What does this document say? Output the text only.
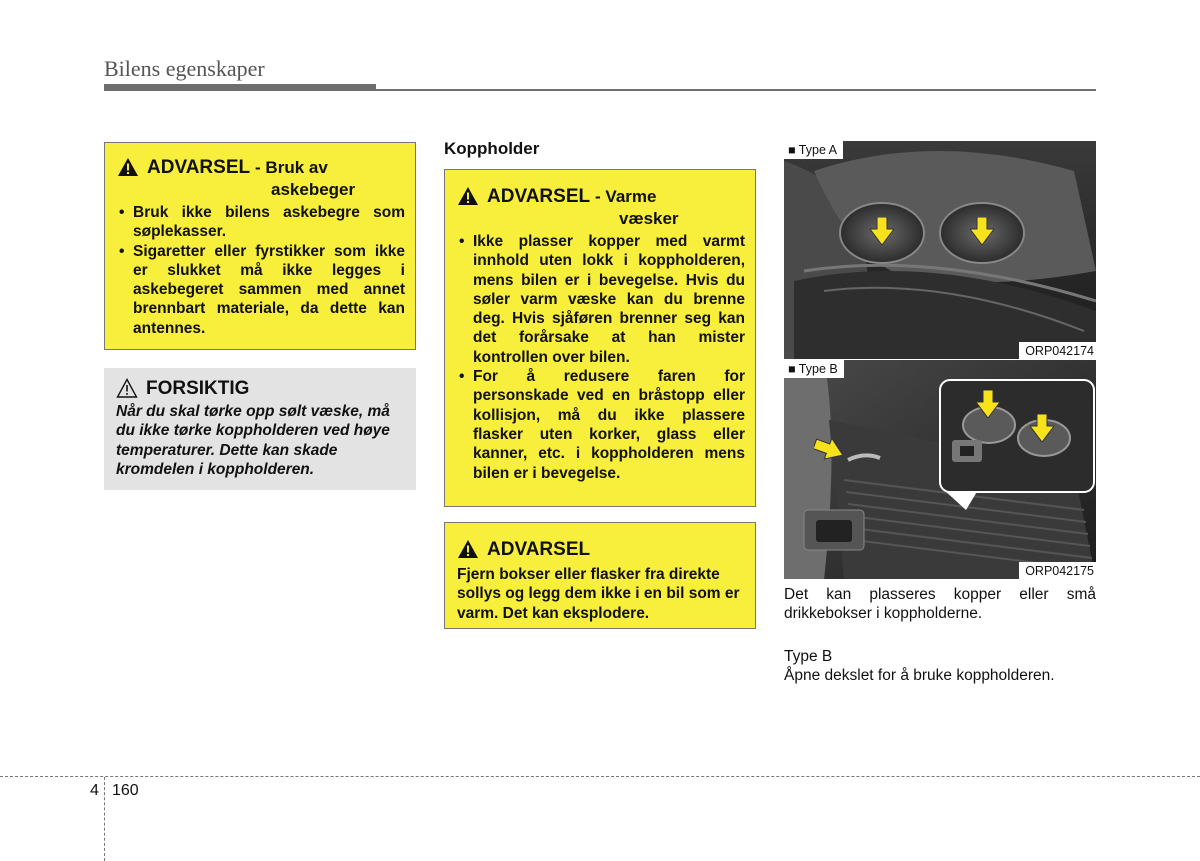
Bilens egenskaper
ADVARSEL - Bruk av
askebeger
• Bruk ikke bilens askebegre som søplekasser.
• Sigaretter eller fyrstikker som ikke er slukket må ikke legges i askebegeret sammen med annet brennbart materiale, da dette kan antennes.
FORSIKTIG
Når du skal tørke opp sølt væske, må du ikke tørke koppholderen ved høye temperaturer. Dette kan skade kromdelen i koppholderen.
Koppholder
ADVARSEL - Varme
væsker
• Ikke plasser kopper med varmt innhold uten lokk i koppholderen, mens bilen er i bevegelse. Hvis du søler varm væske kan du brenne deg. Hvis sjåføren brenner seg kan det forårsake at han mister kontrollen over bilen.
• For å redusere faren for personskade ved en bråstopp eller kollisjon, må du ikke plassere flasker uten korker, glass eller kanner, etc. i koppholderen mens bilen er i bevegelse.
ADVARSEL
Fjern bokser eller flasker fra direkte sollys og legg dem ikke i en bil som er varm. Det kan eksplodere.
■ Type A
ORP042174
■ Type B
ORP042175
Det kan plasseres kopper eller små drikkebokser i koppholderne.
Type B
Åpne dekslet for å bruke koppholderen.
4 160
